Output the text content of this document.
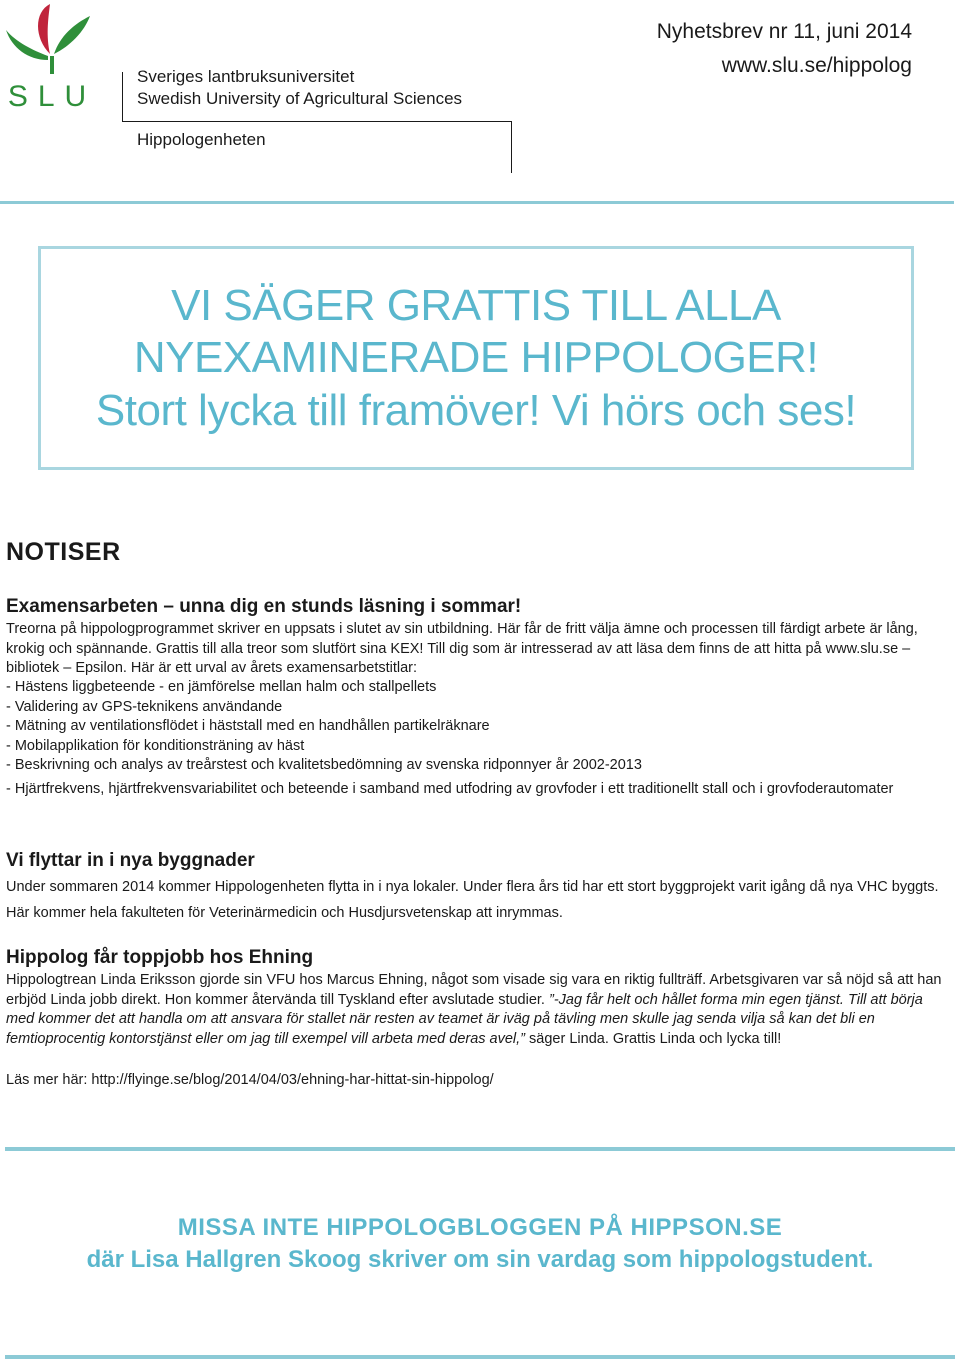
SLU
Sveriges lantbruksuniversitet
Swedish University of Agricultural Sciences
Hippologenheten
Nyhetsbrev nr 11, juni 2014
www.slu.se/hippolog
VI SÄGER GRATTIS TILL ALLA
NYEXAMINERADE HIPPOLOGER!
Stort lycka till framöver! Vi hörs och ses!
NOTISER
Examensarbeten – unna dig en stunds läsning i sommar!
Treorna på hippologprogrammet skriver en uppsats i slutet av sin utbildning. Här får de fritt välja ämne och processen till färdigt arbete är lång, krokig och spännande. Grattis till alla treor som slutfört sina KEX! Till dig som är intresserad av att läsa dem finns de att hitta på www.slu.se – bibliotek – Epsilon. Här är ett urval av årets examensarbetstitlar:
- Hästens liggbeteende - en jämförelse mellan halm och stallpellets
- Validering av GPS-teknikens användande
- Mätning av ventilationsflödet i häststall med en handhållen partikelräknare
- Mobilapplikation för konditionsträning av häst
- Beskrivning och analys av treårstest och kvalitetsbedömning av svenska ridponnyer år 2002-2013
- Hjärtfrekvens, hjärtfrekvensvariabilitet och beteende i samband med utfodring av grovfoder i ett traditionellt stall och i grovfoderautomater
Vi flyttar in i nya byggnader
Under sommaren 2014 kommer Hippologenheten flytta in i nya lokaler. Under flera års tid har ett stort byggprojekt varit igång då nya VHC byggts. Här kommer hela fakulteten för Veterinärmedicin och Husdjursvetenskap att inrymmas.
Hippolog får toppjobb hos Ehning
Hippologtrean Linda Eriksson gjorde sin VFU hos Marcus Ehning, något som visade sig vara en riktig fullträff. Arbetsgivaren var så nöjd så att han erbjöd Linda jobb direkt. Hon kommer återvända till Tyskland efter avslutade studier. ”-Jag får helt och hållet forma min egen tjänst. Till att börja med kommer det att handla om att ansvara för stallet när resten av teamet är iväg på tävling men skulle jag senda vilja så kan det bli en femtioprocentig kontorstjänst eller om jag till exempel vill arbeta med deras avel,” säger Linda. Grattis Linda och lycka till!
Läs mer här: http://flyinge.se/blog/2014/04/03/ehning-har-hittat-sin-hippolog/
MISSA INTE HIPPOLOGBLOGGEN PÅ HIPPSON.SE
där Lisa Hallgren Skoog skriver om sin vardag som hippologstudent.
